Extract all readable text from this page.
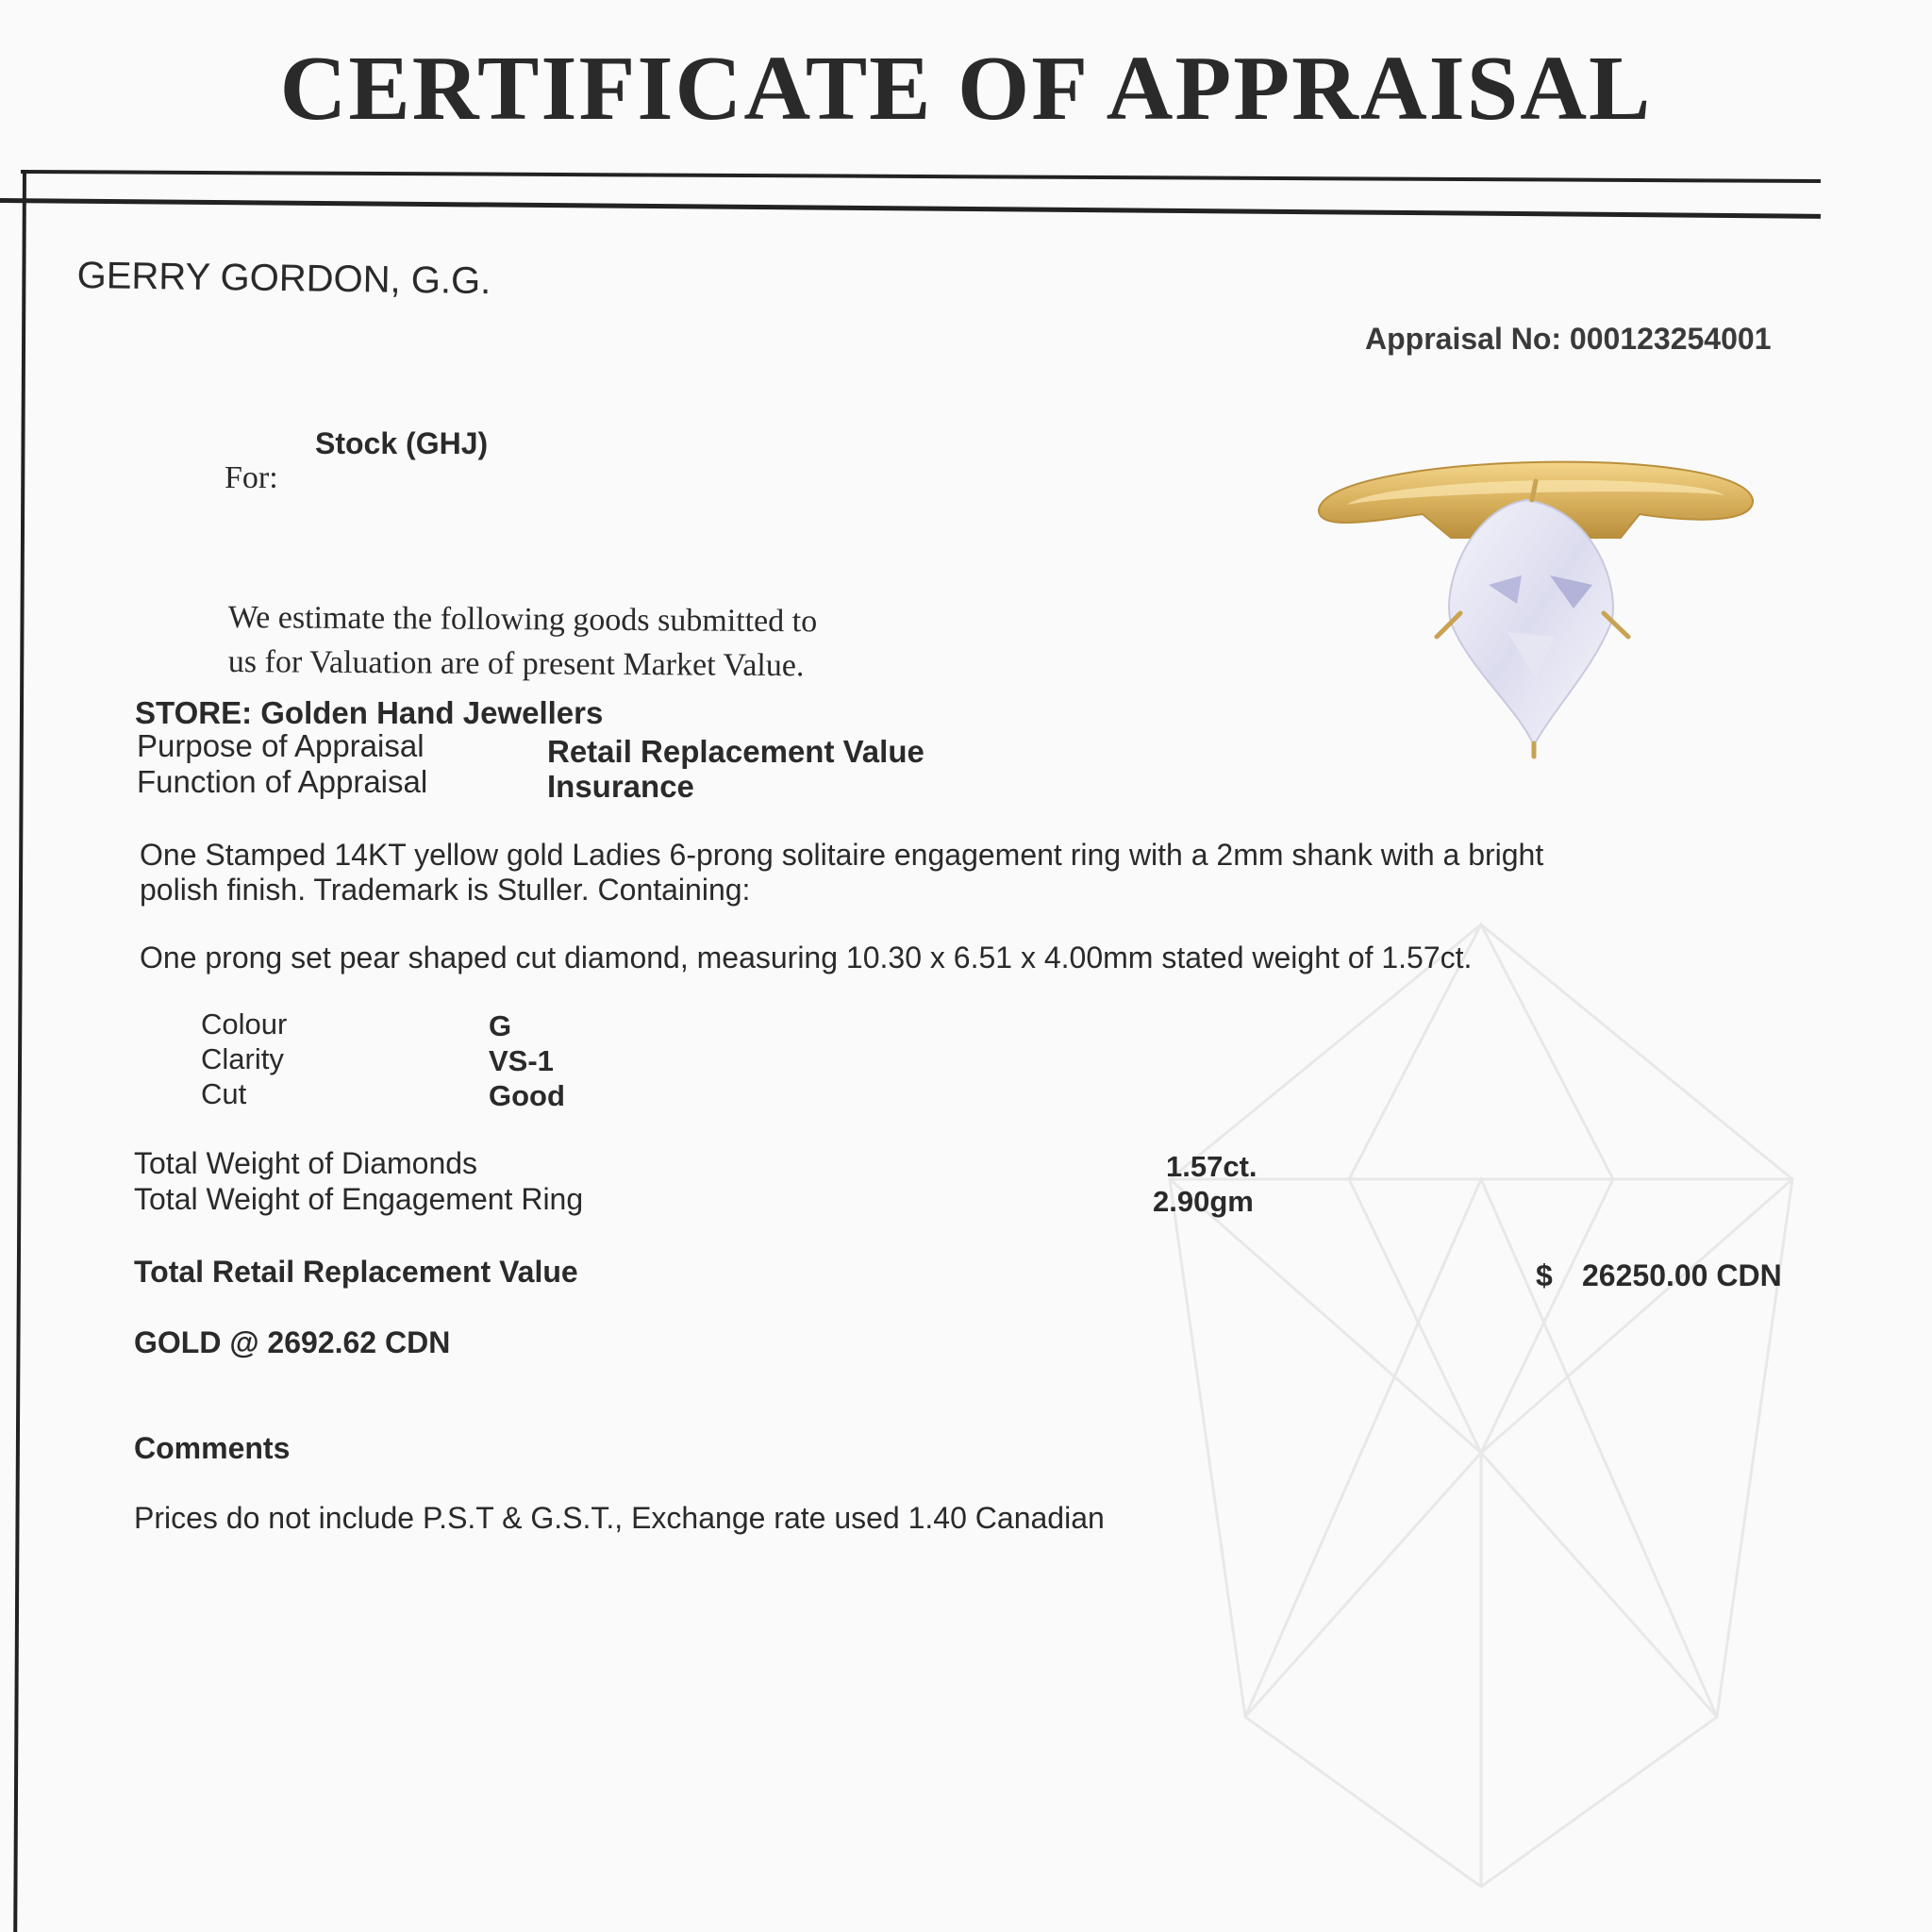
CERTIFICATE OF APPRAISAL
GERRY GORDON, G.G.
Appraisal No: 000123254001
Stock (GHJ)
For:
We estimate the following goods submitted to
us for Valuation are of present Market Value.
STORE: Golden Hand Jewellers
Purpose of Appraisal	Retail Replacement Value
Function of Appraisal	Insurance
One Stamped 14KT yellow gold Ladies 6-prong solitaire engagement ring with a 2mm shank with a bright
polish finish. Trademark is Stuller. Containing:
One prong set pear shaped cut diamond, measuring 10.30 x 6.51 x 4.00mm stated weight of 1.57ct.
Colour	G
Clarity	VS-1
Cut	Good
Total Weight of Diamonds	1.57ct.
Total Weight of Engagement Ring	2.90gm
Total Retail Replacement Value	$ 26250.00 CDN
GOLD @ 2692.62 CDN
Comments
Prices do not include P.S.T & G.S.T., Exchange rate used 1.40 Canadian
